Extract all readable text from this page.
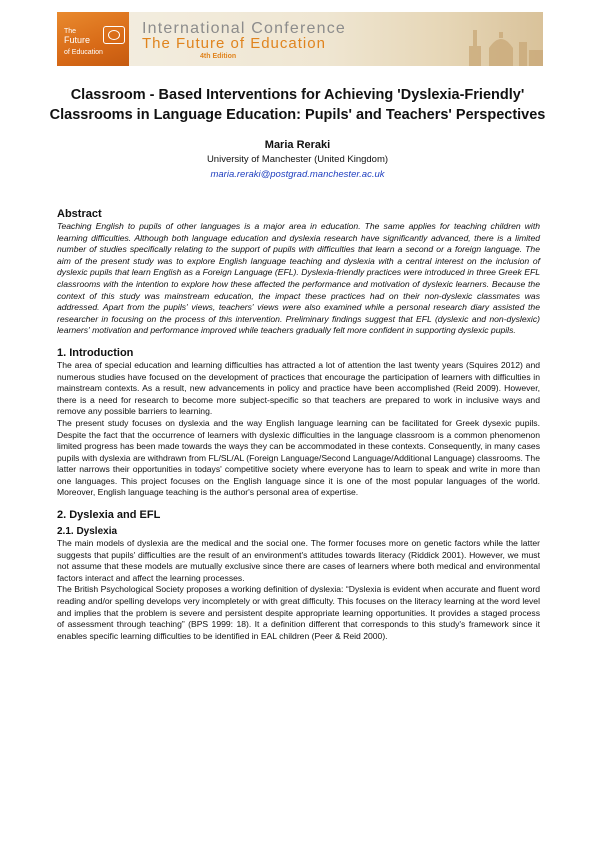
The
Future
of Education
International Conference
The Future of Education
4th Edition
Classroom - Based Interventions for Achieving 'Dyslexia-Friendly' Classrooms in Language Education: Pupils' and Teachers' Perspectives
Maria Reraki
University of Manchester (United Kingdom)
maria.reraki@postgrad.manchester.ac.uk
Abstract

Teaching English to pupils of other languages is a major area in education. The same applies for teaching children with learning difficulties. Although both language education and dyslexia research have significantly advanced, there is a limited number of studies specifically relating to the support of pupils with difficulties that learn a second or a foreign language. The aim of the present study was to explore English language teaching and dyslexia with a central interest on the inclusion of dyslexic pupils that learn English as a Foreign Language (EFL). Dyslexia-friendly practices were introduced in three Greek EFL classrooms with the intention to explore how these affected the performance and motivation of dyslexic learners. Because the context of this study was mainstream education, the impact these practices had on their non-dyslexic classmates was addressed. Apart from the pupils' views, teachers' views were also examined while a personal research diary assisted the researcher in focusing on the process of this intervention. Preliminary findings suggest that EFL (dyslexic and non-dyslexic) learners' motivation and performance improved while teachers gradually felt more confident in supporting dyslexic pupils.

1. Introduction

The area of special education and learning difficulties has attracted a lot of attention the last twenty years (Squires 2012) and numerous studies have focused on the development of practices that encourage the participation of learners with difficulties in mainstream contexts. As a result, new advancements in policy and practice have been accomplished (Reid 2009). However, there is a need for research to become more subject-specific so that teachers are prepared to work in inclusive ways and remove any possible barriers to learning.

The present study focuses on dyslexia and the way English language learning can be facilitated for Greek dysexic pupils. Despite the fact that the occurrence of learners with dyslexic difficulties in the language classroom is a common phenomenon limited progress has been made towards the ways they can be accommodated in these contexts. Consequently, in many cases pupils with dyslexia are withdrawn from FL/SL/AL (Foreign Language/Second Language/Additional Language) classrooms. The latter narrows their opportunities in todays' competitive society where everyone has to learn to speak and write in more than one languages. This project focuses on the English language since it is one of the most popular languages of the world. Moreover, English language teaching is the author's personal area of expertise.

2. Dyslexia and EFL
2.1. Dyslexia

The main models of dyslexia are the medical and the social one. The former focuses more on genetic factors while the latter suggests that pupils' difficulties are the result of an environment's attitudes towards literacy (Riddick 2001). However, we must not assume that these models are mutually exclusive since there are cases of learners where both medical and environmental factors interact and affect the learning processes.

The British Psychological Society proposes a working definition of dyslexia: “Dyslexia is evident when accurate and fluent word reading and/or spelling develops very incompletely or with great difficulty. This focuses on the literacy learning at the word level and implies that the problem is severe and persistent despite appropriate learning opportunities. It provides a staged process of assessment through teaching” (BPS 1999: 18). It a definition different that corresponds to this study's framework since it enables specific learning difficulties to be identified in EAL children (Peer & Reid 2000).
